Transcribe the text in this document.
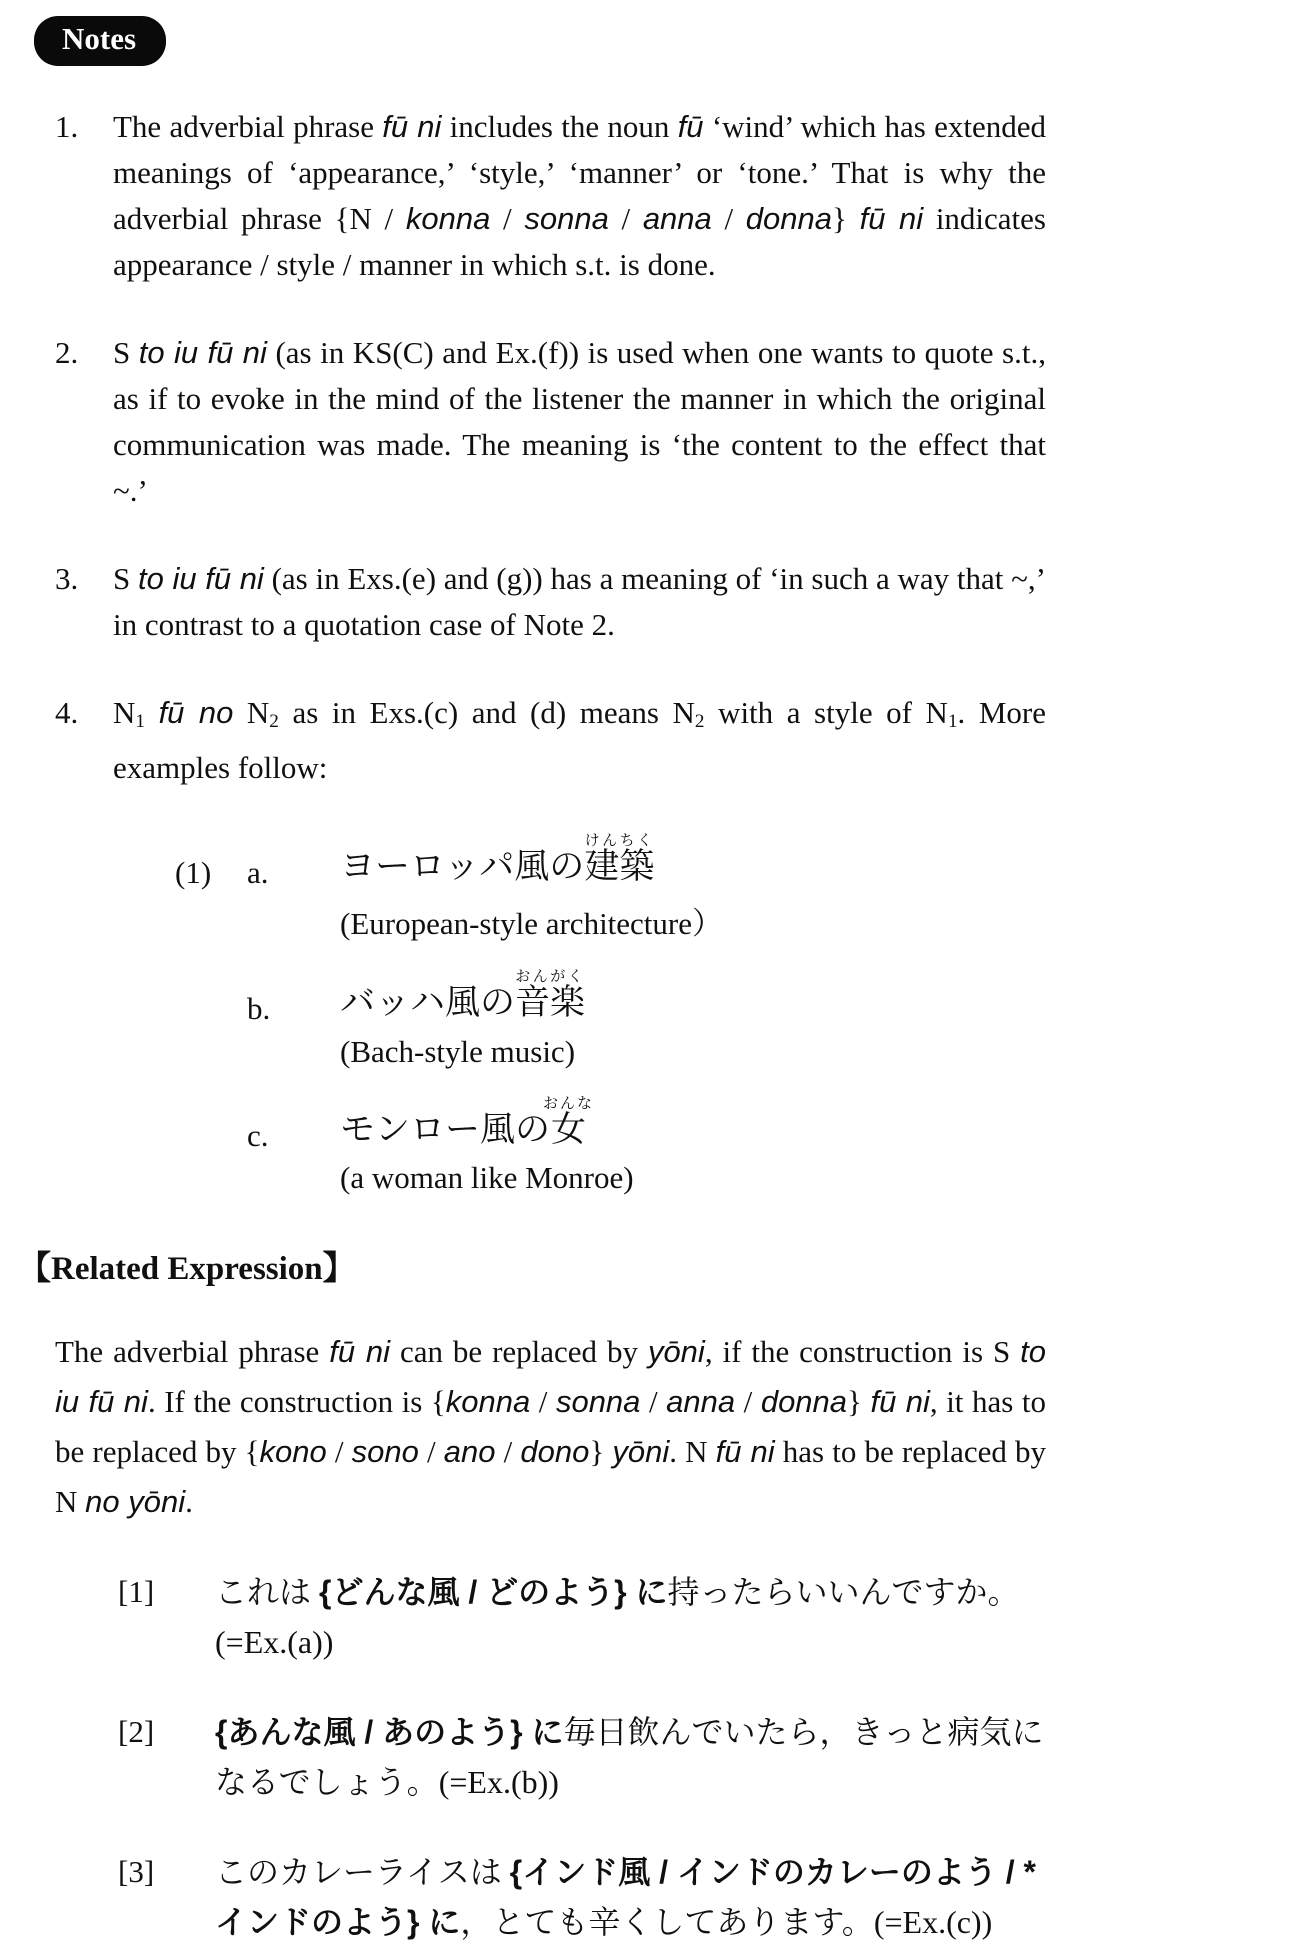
Notes
1.	The adverbial phrase fū ni includes the noun fū ‘wind’ which has extended meanings of ‘appearance,’ ‘style,’ ‘manner’ or ‘tone.’ That is why the adverbial phrase {N / konna / sonna / anna / donna} fū ni indicates appearance / style / manner in which s.t. is done.

2.	S to iu fū ni (as in KS(C) and Ex.(f)) is used when one wants to quote s.t., as if to evoke in the mind of the listener the manner in which the original communication was made. The meaning is ‘the content to the effect that ~.’

3.	S to iu fū ni (as in Exs.(e) and (g)) has a meaning of ‘in such a way that ~,’ in contrast to a quotation case of Note 2.

4.	N1 fū no N2 as in Exs.(c) and (d) means N2 with a style of N1. More examples follow:

(1)	a.	ヨーロッパ風の建築けんちく
(European-style architecture）
b.	バッハ風の音楽おんがく
(Bach-style music)
c.	モンロー風の女おんな
(a woman like Monroe)
【Related Expression】

The adverbial phrase fū ni can be replaced by yōni, if the construction is S to iu fū ni. If the construction is {konna / sonna / anna / donna} fū ni, it has to be replaced by {kono / sono / ano / dono} yōni. N fū ni has to be replaced by N no yōni.

[1]	これは {どんな風 / どのよう} に持ったらいいんですか。(=Ex.(a))

[2]	{あんな風 / あのよう} に毎日飲んでいたら，きっと病気になるでしょう。(=Ex.(b))

[3]	このカレーライスは {インド風 / インドのカレーのよう / *インドのよう} に，とても辛くしてあります。(=Ex.(c))
